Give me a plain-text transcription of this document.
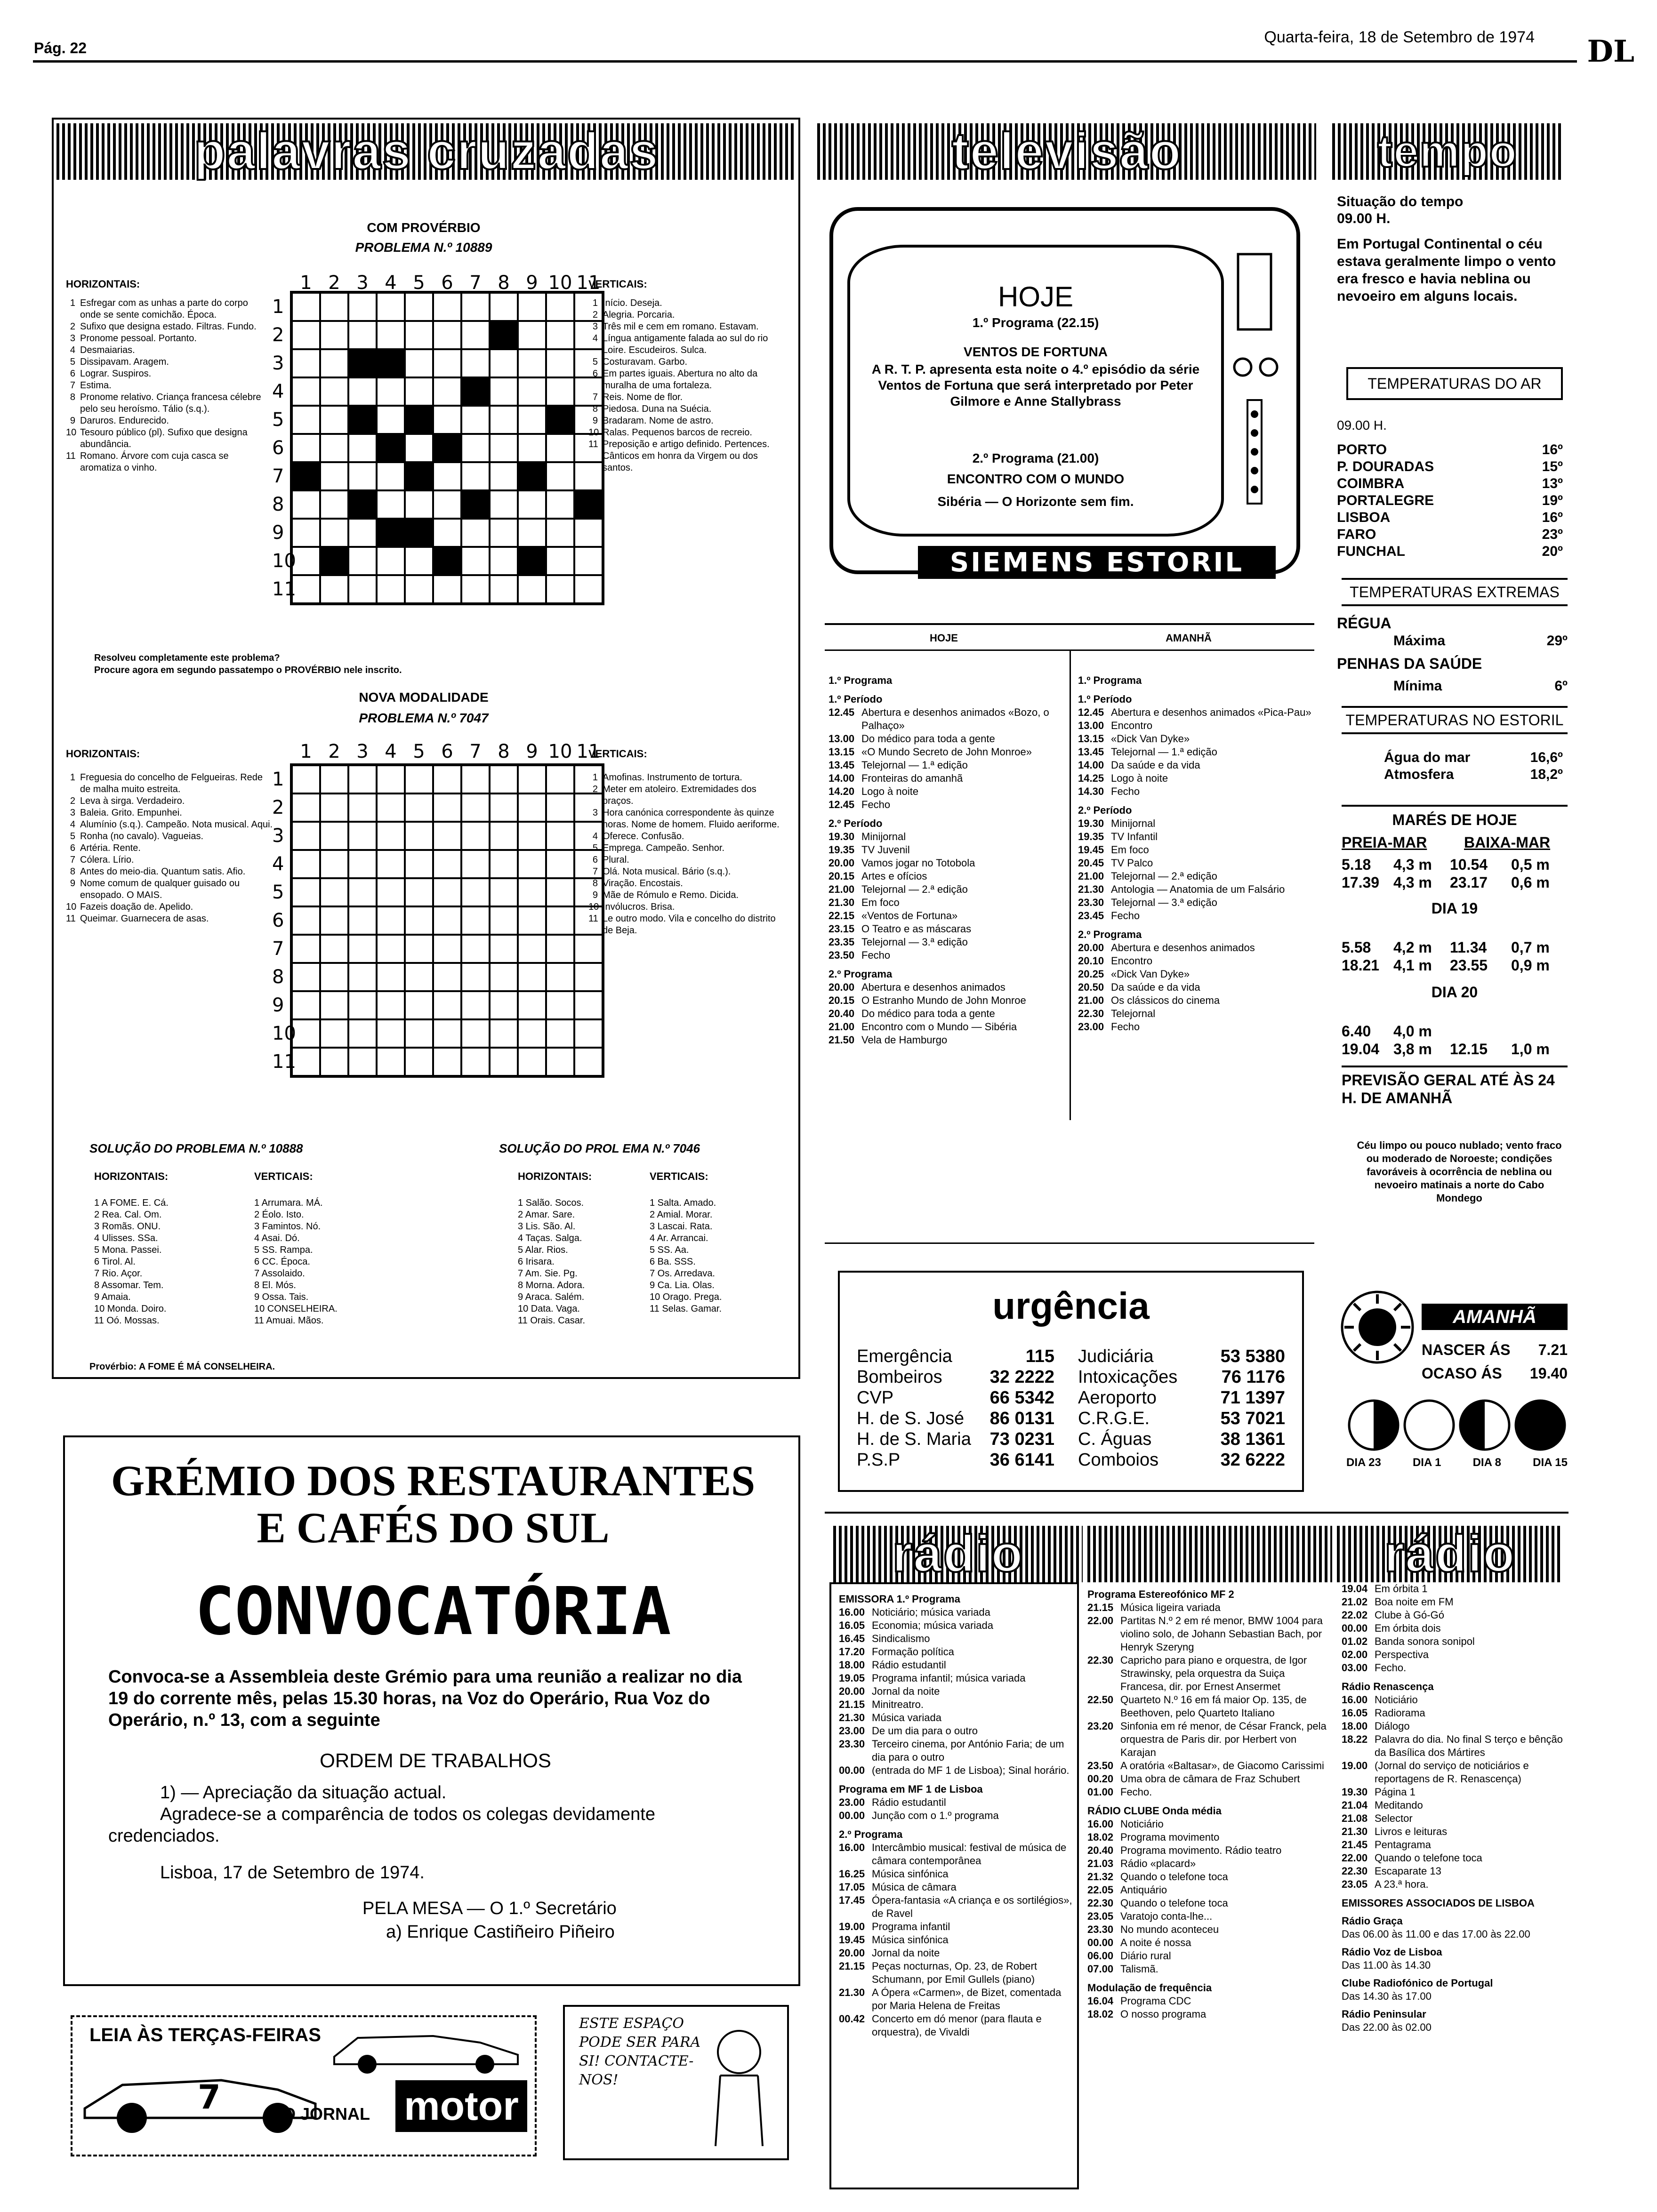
Pág. 22
Quarta-feira, 18 de Setembro de 1974 DL
palavras cruzadas
COM PROVÉRBIO
PROBLEMA N.º 10889
HORIZONTAIS:
1 Esfregar com as unhas a parte do corpo onde se sente comichão. Época.
2 Sufixo que designa estado. Filtras. Fundo.
3 Pronome pessoal. Portanto.
4 Desmaiarias.
5 Dissipavam. Aragem.
6 Lograr. Suspiros.
7 Estima.
8 Pronome relativo. Criança francesa célebre pelo seu heroísmo. Tálio (s.q.).
9 Daruros. Endurecido.
10 Tesouro público (pl). Sufixo que designa abundância.
11 Romano. Árvore com cuja casca se aromatiza o vinho.
1 2 3 4 5 6 7 8 9 10 11
1
2
3
4
5
6
7
8
9
10
11
VERTICAIS:
1 Início. Deseja.
2 Alegria. Porcaria.
3 Três mil e cem em romano. Estavam.
4 Língua antigamente falada ao sul do rio Loire. Escudeiros. Sulca.
5 Costuravam. Garbo.
6 Em partes iguais. Abertura no alto da muralha de uma fortaleza.
7 Reis. Nome de flor.
8 Piedosa. Duna na Suécia.
9 Bradaram. Nome de astro.
10 Ralas. Pequenos barcos de recreio.
11 Preposição e artigo definido. Pertences. Cânticos em honra da Virgem ou dos santos.
Resolveu completamente este problema?
Procure agora em segundo passatempo o PROVÉRBIO nele inscrito.
NOVA MODALIDADE
PROBLEMA N.º 7047
HORIZONTAIS:
1 Freguesia do concelho de Felgueiras. Rede de malha muito estreita.
2 Leva à sirga. Verdadeiro.
3 Baleia. Grito. Empunhei.
4 Alumínio (s.q.). Campeão. Nota musical. Aqui.
5 Ronha (no cavalo). Vagueias.
6 Artéria. Rente.
7 Cólera. Lírio.
8 Antes do meio-dia. Quantum satis. Afio.
9 Nome comum de qualquer guisado ou ensopado. O MAIS.
10 Fazeis doação de. Apelido.
11 Queimar. Guarnecera de asas.
1 2 3 4 5 6 7 8 9 10 11
1
2
3
4
5
6
7
8
9
10
11
VERTICAIS:
1 Amofinas. Instrumento de tortura.
2 Meter em atoleiro. Extremidades dos braços.
3 Hora canónica correspondente às quinze horas. Nome de homem. Fluido aeriforme.
4 Oferece. Confusão.
5 Emprega. Campeão. Senhor.
6 Plural.
7 Olá. Nota musical. Bário (s.q.).
8 Viração. Encostais.
9 Mãe de Rómulo e Remo. Dicida.
10 Invólucros. Brisa.
11 Le outro modo. Vila e concelho do distrito de Beja.
SOLUÇÃO DO PROBLEMA N.º 10888
HORIZONTAIS:	VERTICAIS:
1 A FOME. E. Cá.
2 Rea. Cal. Om.
3 Romãs. ONU.
4 Ulisses. SSa.
5 Mona. Passei.
6 Tirol. Al.
7 Rio. Açor.
8 Assomar. Tem.
9 Amaia.
10 Monda. Doiro.
11 Oó. Mossas.
1 Arrumara. MÁ.
2 Éolo. Isto.
3 Famintos. Nó.
4 Asai. Dó.
5 SS. Rampa.
6 CC. Época.
7 Assolaido.
8 El. Mós.
9 Ossa. Tais.
10 CONSELHEIRA.
11 Amuai. Mãos.
Provérbio: A FOME É MÁ CONSELHEIRA.
SOLUÇÃO DO PROL EMA N.º 7046
HORIZONTAIS:	VERTICAIS:
1 Salão. Socos.
2 Amar. Sare.
3 Lis. São. Al.
4 Taças. Salga.
5 Alar. Rios.
6 Irisara.
7 Am. Sie. Pg.
8 Morna. Adora.
9 Araca. Salém.
10 Data. Vaga.
11 Orais. Casar.
1 Salta. Amado.
2 Amial. Morar.
3 Lascai. Rata.
4 Ar. Arrancai.
5 SS. Aa.
6 Ba. SSS.
7 Os. Arredava.
9 Ca. Lia. Olas.
10 Orago. Prega.
11 Selas. Gamar.
GRÉMIO DOS RESTAURANTES
E CAFÉS DO SUL
CONVOCATÓRIA
Convoca-se a Assembleia deste Grémio para uma reunião a realizar no dia 19 do corrente mês, pelas 15.30 horas, na Voz do Operário, Rua Voz do Operário, n.º 13, com a seguinte
ORDEM DE TRABALHOS
1) — Apreciação da situação actual.
Agradece-se a comparência de todos os colegas devidamente credenciados.
Lisboa, 17 de Setembro de 1974.
PELA MESA — O 1.º Secretário
a) Enrique Castiñeiro Piñeiro
LEIA ÀS TERÇAS-FEIRAS
7	O JORNAL motor
ESTE ESPAÇO PODE SER PARA SI! CONTACTE-NOS!
televisão
HOJE
1.º Programa (22.15)
VENTOS DE FORTUNA
A R. T. P. apresenta esta noite o 4.º episódio da série Ventos de Fortuna que será interpretado por Peter Gilmore e Anne Stallybrass
2.º Programa (21.00)
ENCONTRO COM O MUNDO
Sibéria — O Horizonte sem fim.
SIEMENS ESTORIL
HOJE	AMANHÃ
1.º Programa
1.º Período
12.45 Abertura e desenhos animados «Bozo, o Palhaço»
13.00 Do médico para toda a gente
13.15 «O Mundo Secreto de John Monroe»
13.45 Telejornal — 1.ª edição
14.00 Fronteiras do amanhã
14.20 Logo à noite
12.45 Fecho
2.º Período
19.30 Minijornal
19.35 TV Juvenil
20.00 Vamos jogar no Totobola
20.15 Artes e ofícios
21.00 Telejornal — 2.ª edição
21.30 Em foco
22.15 «Ventos de Fortuna»
23.15 O Teatro e as máscaras
23.35 Telejornal — 3.ª edição
23.50 Fecho
2.º Programa
20.00 Abertura e desenhos animados
20.15 O Estranho Mundo de John Monroe
20.40 Do médico para toda a gente
21.00 Encontro com o Mundo — Sibéria
21.50 Vela de Hamburgo
1.º Programa
1.º Período
12.45 Abertura e desenhos animados «Pica-Pau»
13.00 Encontro
13.15 «Dick Van Dyke»
13.45 Telejornal — 1.ª edição
14.00 Da saúde e da vida
14.25 Logo à noite
14.30 Fecho
2.º Período
19.30 Minijornal
19.35 TV Infantil
19.45 Em foco
20.45 TV Palco
21.00 Telejornal — 2.ª edição
21.30 Antologia — Anatomia de um Falsário
23.30 Telejornal — 3.ª edição
23.45 Fecho
2.º Programa
20.00 Abertura e desenhos animados
20.10 Encontro
20.25 «Dick Van Dyke»
20.50 Da saúde e da vida
21.00 Os clássicos do cinema
22.30 Telejornal
23.00 Fecho
urgência
Emergência	115
Bombeiros	32 2222
CVP	66 5342
H. de S. José 86 0131
H. de S. Maria 73 0231
P.S.P	36 6141
Judiciária	53 5380
Intoxicações 76 1176
Aeroporto	71 1397
C.R.G.E.	53 7021
C. Águas	38 1361
Comboios	32 6222
tempo
Situação do tempo
09.00 H.
Em Portugal Continental o céu estava geralmente limpo o vento era fresco e havia neblina ou nevoeiro em alguns locais.
TEMPERATURAS DO AR
09.00 H.
PORTO	16º
P. DOURADAS	15º
COIMBRA	13º
PORTALEGRE	19º
LISBOA	16º
FARO	23º
FUNCHAL	20º
TEMPERATURAS EXTREMAS
RÉGUA
Máxima	29º
PENHAS DA SAÚDE
Mínima	6º
TEMPERATURAS NO ESTORIL
Água do mar	16,6º
Atmosfera	18,2º
MARÉS DE HOJE
PREIA-MAR BAIXA-MAR
5.18	4,3 m	10.54	0,5 m
17.39 4,3 m	23.17	0,6 m
DIA 19
5.58	4,2 m	11.34	0,7 m
18.21 4,1 m	23.55	0,9 m
DIA 20
6.40	4,0 m
19.04 3,8 m	12.15	1,0 m
PREVISÃO GERAL ATÉ ÀS 24 H. DE AMANHÃ
Céu limpo ou pouco nublado; vento fraco ou moderado de Noroeste; condições favoráveis à ocorrência de neblina ou nevoeiro matinais a norte do Cabo Mondego
AMANHÃ
NASCER ÁS 7.21
OCASO ÁS 19.40
DIA 23	DIA 1	DIA 8	DIA 15
rádio	rádio
EMISSORA 1.º Programa
16.00 Noticiário; música variada
16.05 Economia; música variada
16.45 Sindicalismo
17.20 Formação política
18.00 Rádio estudantil
19.05 Programa infantil; música variada
20.00 Jornal da noite
21.15 Minitreatro.
21.30 Música variada
23.00 De um dia para o outro
23.30 Terceiro cinema, por António Faria; de um dia para o outro
00.00 (entrada do MF 1 de Lisboa); Sinal horário.
Programa em MF 1 de Lisboa
23.00 Rádio estudantil
00.00 Junção com o 1.º programa
2.º Programa
16.00 Intercâmbio musical: festival de música de câmara contemporânea
16.25 Música sinfónica
17.05 Música de câmara
17.45 Ópera-fantasia «A criança e os sortilégios», de Ravel
19.00 Programa infantil
19.45 Música sinfónica
20.00 Jornal da noite
21.15 Peças nocturnas, Op. 23, de Robert Schumann, por Emil Gullels (piano)
21.30 A Ópera «Carmen», de Bizet, comentada por Maria Helena de Freitas
00.42 Concerto em dó menor (para flauta e orquestra), de Vivaldi
Programa Estereofónico MF 2
21.15 Música ligeira variada
22.00 Partitas N.º 2 em ré menor, BMW 1004 para violino solo, de Johann Sebastian Bach, por Henryk Szeryng
22.30 Capricho para piano e orquestra, de Igor Strawinsky, pela orquestra da Suiça Francesa, dir. por Ernest Ansermet
22.50 Quarteto N.º 16 em fá maior Op. 135, de Beethoven, pelo Quarteto Italiano
23.20 Sinfonia em ré menor, de César Franck, pela orquestra de Paris dir. por Herbert von Karajan
23.50 A oratória «Baltasar», de Giacomo Carissimi
00.20 Uma obra de câmara de Fraz Schubert
01.00 Fecho.
RÁDIO CLUBE Onda média
16.00 Noticiário
18.02 Programa movimento
20.40 Programa movimento. Rádio teatro
21.03 Rádio «placard»
21.32 Quando o telefone toca
22.05 Antiquário
22.30 Quando o telefone toca
23.05 Varatojo conta-lhe...
23.30 No mundo aconteceu
00.00 A noite é nossa
06.00 Diário rural
07.00 Talismã.
Modulação de frequência
16.04 Programa CDC
18.02 O nosso programa
19.04 Em órbita 1
21.02 Boa noite em FM
22.02 Clube à Gó-Gó
00.00 Em órbita dois
01.02 Banda sonora sonipol
02.00 Perspectiva
03.00 Fecho.
Rádio Renascença
16.00 Noticiário
16.05 Radiorama
18.00 Diálogo
18.22 Palavra do dia. No final S terço e bênção da Basílica dos Mártires
19.00 (Jornal do serviço de noticiários e reportagens de R. Renascença)
19.30 Página 1
21.04 Meditando
21.08 Selector
21.30 Livros e leituras
21.45 Pentagrama
22.00 Quando o telefone toca
22.30 Escaparate 13
23.05 A 23.ª hora.
EMISSORES ASSOCIADOS DE LISBOA
Rádio Graça
Das 06.00 às 11.00 e das 17.00 às 22.00
Rádio Voz de Lisboa
Das 11.00 às 14.30
Clube Radiofónico de Portugal
Das 14.30 às 17.00
Rádio Peninsular
Das 22.00 às 02.00
